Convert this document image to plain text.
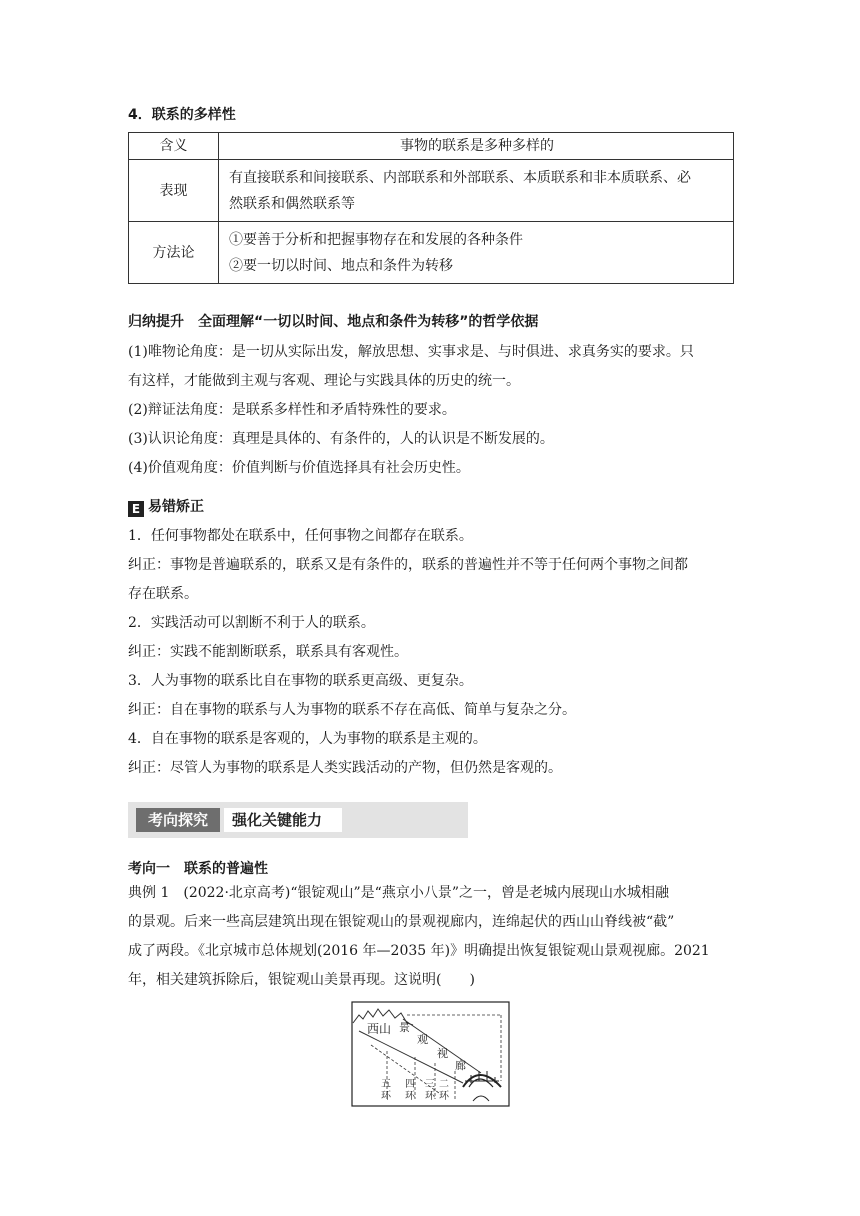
4．联系的多样性
含义	事物的联系是多种多样的
表现	有直接联系和间接联系、内部联系和外部联系、本质联系和非本质联系、必
然联系和偶然联系等

方法论	①要善于分析和把握事物存在和发展的各种条件
②要一切以时间、地点和条件为转移
归纳提升　全面理解“一切以时间、地点和条件为转移”的哲学依据
(1)唯物论角度：是一切从实际出发，解放思想、实事求是、与时俱进、求真务实的要求。只
有这样，才能做到主观与客观、理论与实践具体的历史的统一。
(2)辩证法角度：是联系多样性和矛盾特殊性的要求。
(3)认识论角度：真理是具体的、有条件的，人的认识是不断发展的。
(4)价值观角度：价值判断与价值选择具有社会历史性。
E 易错矫正
1．任何事物都处在联系中，任何事物之间都存在联系。
纠正：事物是普遍联系的，联系又是有条件的，联系的普遍性并不等于任何两个事物之间都
存在联系。
2．实践活动可以割断不利于人的联系。
纠正：实践不能割断联系，联系具有客观性。
3．人为事物的联系比自在事物的联系更高级、更复杂。
纠正：自在事物的联系与人为事物的联系不存在高低、简单与复杂之分。
4．自在事物的联系是客观的，人为事物的联系是主观的。
纠正：尽管人为事物的联系是人类实践活动的产物，但仍然是客观的。
考向探究	强化关键能力
考向一　联系的普遍性
典例 1　(2022·北京高考)“银锭观山”是“燕京小八景”之一，曾是老城内展现山水城相融
的景观。后来一些高层建筑出现在银锭观山的景观视廊内，连绵起伏的西山山脊线被“截”
成了两段。《北京城市总体规划(2016 年—2035 年)》明确提出恢复银锭观山景观视廊。2021
年，相关建筑拆除后，银锭观山美景再现。这说明(　　)
西山 景
观
视
廊
五
环
四
环
三
环
二
环
